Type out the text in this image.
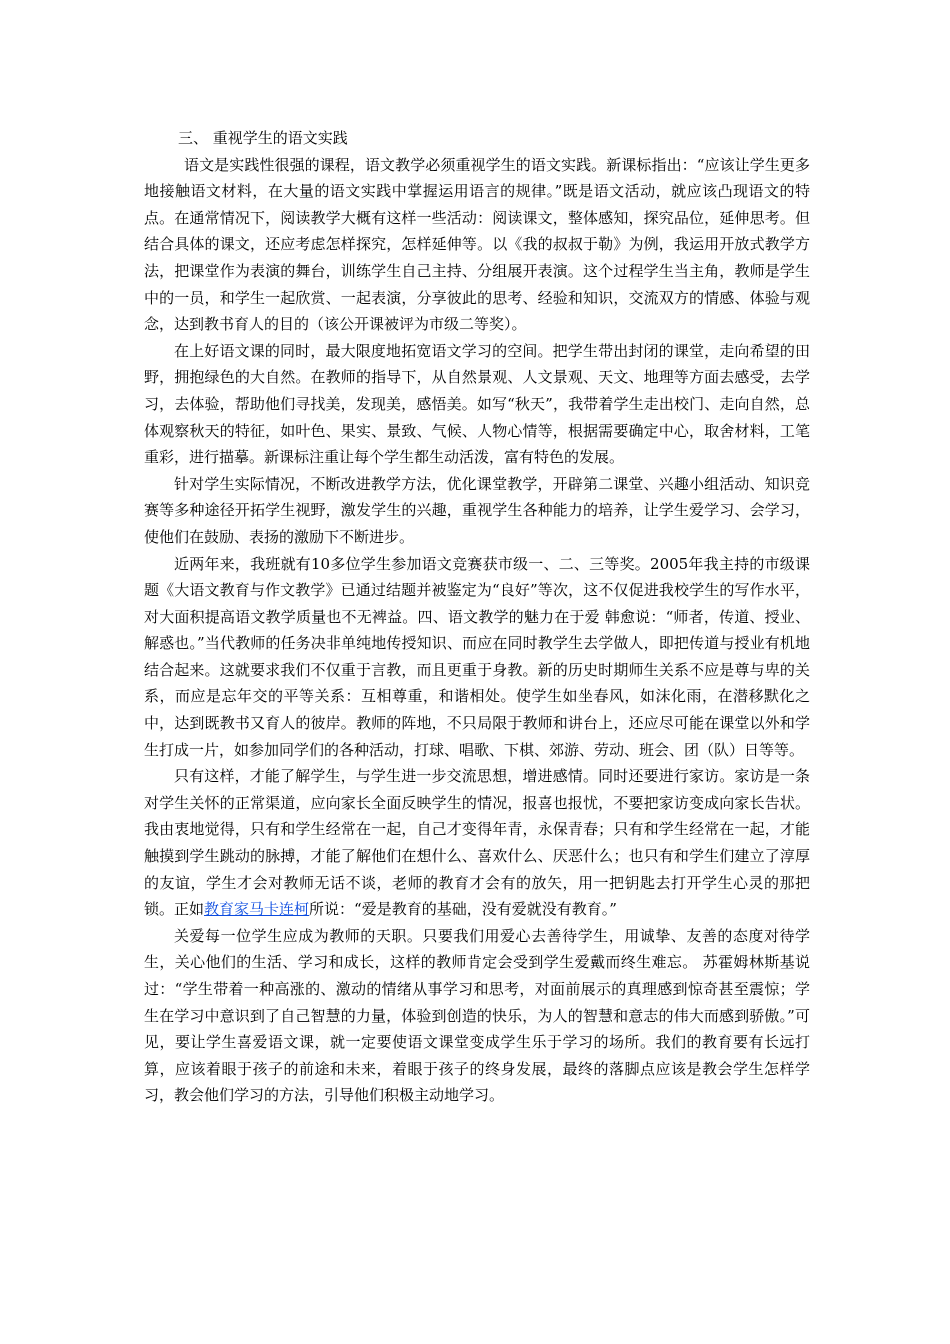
三、 重视学生的语文实践

语文是实践性很强的课程，语文教学必须重视学生的语文实践。新课标指出：“应该让学生更多地接触语文材料，在大量的语文实践中掌握运用语言的规律。”既是语文活动，就应该凸现语文的特点。在通常情况下，阅读教学大概有这样一些活动：阅读课文，整体感知，探究品位，延伸思考。但结合具体的课文，还应考虑怎样探究，怎样延伸等。以《我的叔叔于勒》为例，我运用开放式教学方法，把课堂作为表演的舞台，训练学生自己主持、分组展开表演。这个过程学生当主角，教师是学生中的一员，和学生一起欣赏、一起表演，分享彼此的思考、经验和知识，交流双方的情感、体验与观念，达到教书育人的目的（该公开课被评为市级二等奖）。

在上好语文课的同时，最大限度地拓宽语文学习的空间。把学生带出封闭的课堂，走向希望的田野，拥抱绿色的大自然。在教师的指导下，从自然景观、人文景观、天文、地理等方面去感受，去学习，去体验，帮助他们寻找美，发现美，感悟美。如写“秋天”，我带着学生走出校门、走向自然，总体观察秋天的特征，如叶色、果实、景致、气候、人物心情等，根据需要确定中心，取舍材料，工笔重彩，进行描摹。新课标注重让每个学生都生动活泼，富有特色的发展。

针对学生实际情况，不断改进教学方法，优化课堂教学，开辟第二课堂、兴趣小组活动、知识竞赛等多种途径开拓学生视野，激发学生的兴趣，重视学生各种能力的培养，让学生爱学习、会学习，使他们在鼓励、表扬的激励下不断进步。

近两年来，我班就有10多位学生参加语文竞赛获市级一、二、三等奖。2005年我主持的市级课题《大语文教育与作文教学》已通过结题并被鉴定为“良好”等次，这不仅促进我校学生的写作水平，对大面积提高语文教学质量也不无裨益。四、语文教学的魅力在于爱 韩愈说：“师者，传道、授业、解惑也。”当代教师的任务决非单纯地传授知识、而应在同时教学生去学做人，即把传道与授业有机地结合起来。这就要求我们不仅重于言教，而且更重于身教。新的历史时期师生关系不应是尊与卑的关系，而应是忘年交的平等关系：互相尊重，和谐相处。使学生如坐春风，如沫化雨，在潜移默化之中，达到既教书又育人的彼岸。教师的阵地，不只局限于教师和讲台上，还应尽可能在课堂以外和学生打成一片，如参加同学们的各种活动，打球、唱歌、下棋、郊游、劳动、班会、团（队）日等等。

只有这样，才能了解学生，与学生进一步交流思想，增进感情。同时还要进行家访。家访是一条对学生关怀的正常渠道，应向家长全面反映学生的情况，报喜也报忧，不要把家访变成向家长告状。我由衷地觉得，只有和学生经常在一起，自己才变得年青，永保青春；只有和学生经常在一起，才能触摸到学生跳动的脉搏，才能了解他们在想什么、喜欢什么、厌恶什么；也只有和学生们建立了淳厚的友谊，学生才会对教师无话不谈，老师的教育才会有的放矢，用一把钥匙去打开学生心灵的那把锁。正如教育家马卡连柯所说：“爱是教育的基础，没有爱就没有教育。”

关爱每一位学生应成为教师的天职。只要我们用爱心去善待学生，用诚挚、友善的态度对待学生，关心他们的生活、学习和成长，这样的教师肯定会受到学生爱戴而终生难忘。 苏霍姆林斯基说过：“学生带着一种高涨的、激动的情绪从事学习和思考，对面前展示的真理感到惊奇甚至震惊；学生在学习中意识到了自己智慧的力量，体验到创造的快乐，为人的智慧和意志的伟大而感到骄傲。”可见，要让学生喜爱语文课，就一定要使语文课堂变成学生乐于学习的场所。我们的教育要有长远打算，应该着眼于孩子的前途和未来，着眼于孩子的终身发展，最终的落脚点应该是教会学生怎样学习，教会他们学习的方法，引导他们积极主动地学习。
